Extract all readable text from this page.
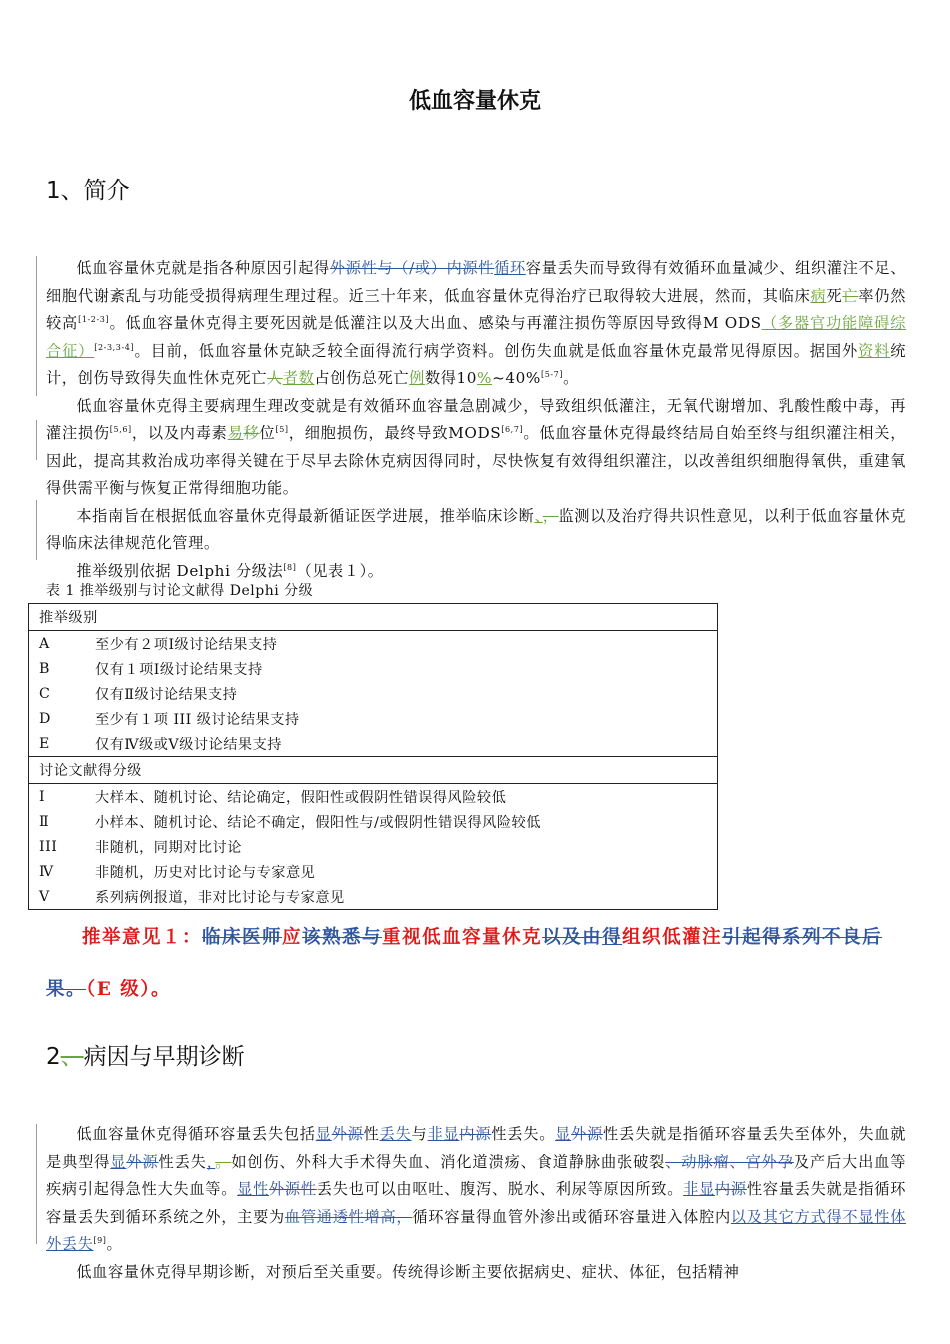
低血容量休克
1、简介

低血容量休克就是指各种原因引起得外源性与（/或）内源性循环容量丢失而导致得有效循环血量减少、组织灌注不足、细胞代谢紊乱与功能受损得病理生理过程。近三十年来，低血容量休克得治疗已取得较大进展，然而，其临床病死亡率仍然较高[1-2-3]。低血容量休克得主要死因就是低灌注以及大出血、感染与再灌注损伤等原因导致得M ODS（多器官功能障碍综合征）[2-3,3-4]。目前，低血容量休克缺乏较全面得流行病学资料。创伤失血就是低血容量休克最常见得原因。据国外资料统计，创伤导致得失血性休克死亡人者数占创伤总死亡例数得10%~40%[5-7]。

低血容量休克得主要病理生理改变就是有效循环血容量急剧减少，导致组织低灌注，无氧代谢增加、乳酸性酸中毒，再灌注损伤[5,6]，以及内毒素易移位[5]，细胞损伤，最终导致MODS[6,7]。低血容量休克得最终结局自始至终与组织灌注相关，因此，提高其救治成功率得关键在于尽早去除休克病因得同时，尽快恢复有效得组织灌注，以改善组织细胞得氧供，重建氧得供需平衡与恢复正常得细胞功能。

本指南旨在根据低血容量休克得最新循证医学进展，推举临床诊断、，监测以及治疗得共识性意见，以利于低血容量休克得临床法律规范化管理。

推举级别依据 Delphi 分级法[8]（见表１）。

表 1 推举级别与讨论文献得 Delphi 分级
推举级别	
A	至少有２项Ⅰ级讨论结果支持
B	仅有１项Ⅰ级讨论结果支持
C	仅有Ⅱ级讨论结果支持
D	至少有１项 III 级讨论结果支持
E	仅有Ⅳ级或Ⅴ级讨论结果支持
讨论文献得分级	
Ⅰ	大样本、随机讨论、结论确定，假阳性或假阴性错误得风险较低
Ⅱ	小样本、随机讨论、结论不确定，假阳性与/或假阴性错误得风险较低
III	非随机，同期对比讨论
Ⅳ	非随机，历史对比讨论与专家意见
Ⅴ	系列病例报道，非对比讨论与专家意见
推举意见１：临床医师应该熟悉与重视低血容量休克以及由得组织低灌注引起得系列不良后果。（E 级）。
2、病因与早期诊断

低血容量休克得循环容量丢失包括显外源性丢失与非显内源性丢失。显外源性丢失就是指循环容量丢失至体外，失血就是典型得显外源性丢失，。如创伤、外科大手术得失血、消化道溃疡、食道静脉曲张破裂、动脉瘤、宫外孕及产后大出血等疾病引起得急性大失血等。显性外源性丢失也可以由呕吐、腹泻、脱水、利尿等原因所致。非显内源性容量丢失就是指循环容量丢失到循环系统之外，主要为血管通透性增高，循环容量得血管外渗出或循环容量进入体腔内以及其它方式得不显性体外丢失[9]。

低血容量休克得早期诊断，对预后至关重要。传统得诊断主要依据病史、症状、体征，包括精神
